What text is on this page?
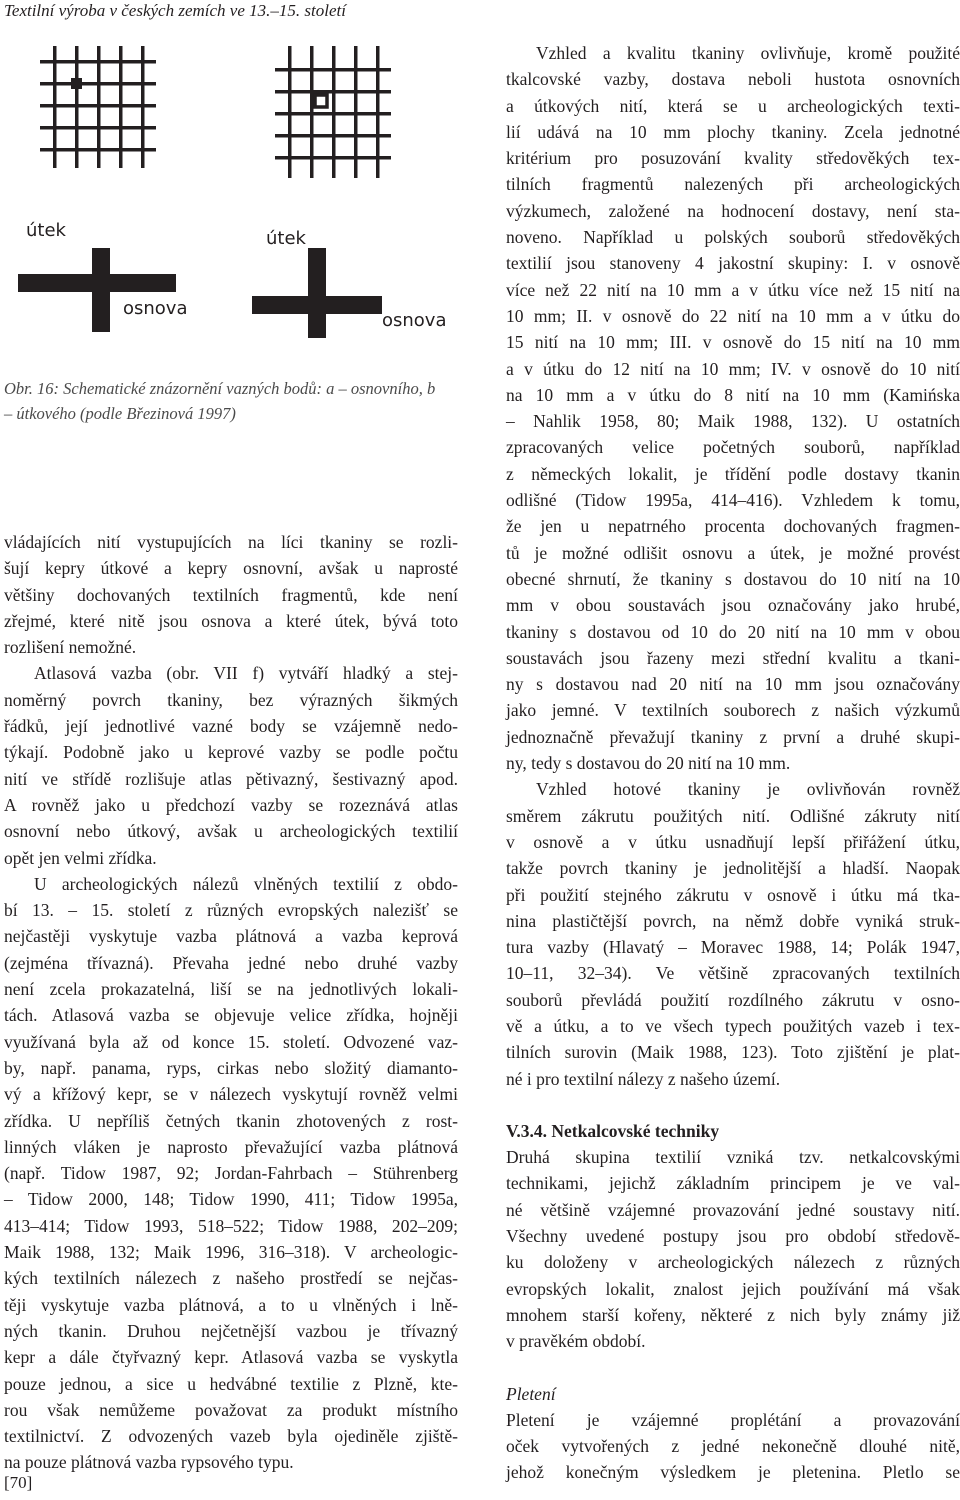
Textilní výroba v českých zemích ve 13.–15. století
útek
osnova
útek
osnova
Obr. 16: Schematické znázornění vazných bodů: a – osnovního, b
– útkového (podle Březinová 1997)
vládajících nití vystupujících na líci tkaniny se rozli-
šují kepry útkové a kepry osnovní, avšak u naprosté
většiny dochovaných textilních fragmentů, kde není
zřejmé, které nitě jsou osnova a které útek, bývá toto
rozlišení nemožné.
Atlasová vazba (obr. VII f) vytváří hladký a stej-
noměrný povrch tkaniny, bez výrazných šikmých
řádků, její jednotlivé vazné body se vzájemně nedo-
týkají. Podobně jako u keprové vazby se podle počtu
nití ve střídě rozlišuje atlas pětivazný, šestivazný apod.
A rovněž jako u předchozí vazby se rozeznává atlas
osnovní nebo útkový, avšak u archeologických textilií
opět jen velmi zřídka.
U archeologických nálezů vlněných textilií z obdo-
bí 13. – 15. století z různých evropských nalezišť se
nejčastěji vyskytuje vazba plátnová a vazba keprová
(zejména třívazná). Převaha jedné nebo druhé vazby
není zcela prokazatelná, liší se na jednotlivých lokali-
tách. Atlasová vazba se objevuje velice zřídka, hojněji
využívaná byla až od konce 15. století. Odvozené vaz-
by, např. panama, ryps, cirkas nebo složitý diamanto-
vý a křížový kepr, se v nálezech vyskytují rovněž velmi
zřídka. U nepříliš četných tkanin zhotovených z rost-
linných vláken je naprosto převažující vazba plátnová
(např. Tidow 1987, 92; Jordan-Fahrbach – Stührenberg
– Tidow 2000, 148; Tidow 1990, 411; Tidow 1995a,
413–414; Tidow 1993, 518–522; Tidow 1988, 202–209;
Maik 1988, 132; Maik 1996, 316–318). V archeologic-
kých textilních nálezech z našeho prostředí se nejčas-
těji vyskytuje vazba plátnová, a to u vlněných i lně-
ných tkanin. Druhou nejčetnější vazbou je třívazný
kepr a dále čtyřvazný kepr. Atlasová vazba se vyskytla
pouze jednou, a sice u hedvábné textilie z Plzně, kte-
rou však nemůžeme považovat za produkt místního
textilnictví. Z odvozených vazeb byla ojediněle zjiště-
na pouze plátnová vazba rypsového typu.
Vzhled a kvalitu tkaniny ovlivňuje, kromě použité
tkalcovské vazby, dostava neboli hustota osnovních
a útkových nití, která se u archeologických texti-
lií udává na 10 mm plochy tkaniny. Zcela jednotné
kritérium pro posuzování kvality středověkých tex-
tilních fragmentů nalezených při archeologických
výzkumech, založené na hodnocení dostavy, není sta-
noveno. Například u polských souborů středověkých
textilií jsou stanoveny 4 jakostní skupiny: I. v osnově
více než 22 nití na 10 mm a v útku více než 15 nití na
10 mm; II. v osnově do 22 nití na 10 mm a v útku do
15 nití na 10 mm; III. v osnově do 15 nití na 10 mm
a v útku do 12 nití na 10 mm; IV. v osnově do 10 nití
na 10 mm a v útku do 8 nití na 10 mm (Kamińska
– Nahlik 1958, 80; Maik 1988, 132). U ostatních
zpracovaných velice početných souborů, například
z německých lokalit, je třídění podle dostavy tkanin
odlišné (Tidow 1995a, 414–416). Vzhledem k tomu,
že jen u nepatrného procenta dochovaných fragmen-
tů je možné odlišit osnovu a útek, je možné provést
obecné shrnutí, že tkaniny s dostavou do 10 nití na 10
mm v obou soustavách jsou označovány jako hrubé,
tkaniny s dostavou od 10 do 20 nití na 10 mm v obou
soustavách jsou řazeny mezi střední kvalitu a tkani-
ny s dostavou nad 20 nití na 10 mm jsou označovány
jako jemné. V textilních souborech z našich výzkumů
jednoznačně převažují tkaniny z první a druhé skupi-
ny, tedy s dostavou do 20 nití na 10 mm.
Vzhled hotové tkaniny je ovlivňován rovněž
směrem zákrutu použitých nití. Odlišné zákruty nití
v osnově a v útku usnadňují lepší přiřážení útku,
takže povrch tkaniny je jednolitější a hladší. Naopak
při použití stejného zákrutu v osnově i útku má tka-
nina plastičtější povrch, na němž dobře vyniká struk-
tura vazby (Hlavatý – Moravec 1988, 14; Polák 1947,
10–11, 32–34). Ve většině zpracovaných textilních
souborů převládá použití rozdílného zákrutu v osno-
vě a útku, a to ve všech typech použitých vazeb i tex-
tilních surovin (Maik 1988, 123). Toto zjištění je plat-
né i pro textilní nálezy z našeho území.
V.3.4. Netkalcovské techniky
Druhá skupina textilií vzniká tzv. netkalcovskými
technikami, jejichž základním principem je ve val-
né většině vzájemné provazování jedné soustavy nití.
Všechny uvedené postupy jsou pro období středově-
ku doloženy v archeologických nálezech z různých
evropských lokalit, znalost jejich používání má však
mnohem starší kořeny, některé z nich byly známy již
v pravěkém období.
Pletení
Pletení je vzájemné proplétání a provazování
oček vytvořených z jedné nekonečně dlouhé nitě,
jehož konečným výsledkem je pletenina. Pletlo se
[70]
